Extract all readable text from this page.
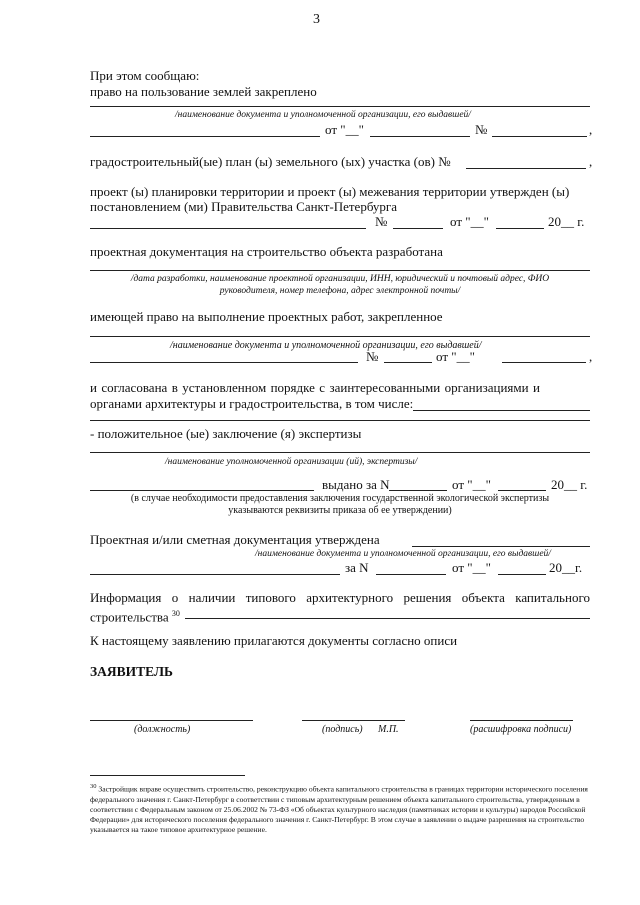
3
При этом сообщаю:
право на пользование землей закреплено
/наименование документа и уполномоченной организации, его выдавшей/
от "__"	№	,
градостроительный(ые) план (ы) земельного (ых) участка (ов) №	,
проект (ы) планировки территории и проект (ы) межевания территории утвержден (ы)
постановлением (ми) Правительства Санкт-Петербурга
№	от "__"	20__ г.
проектная документация на строительство объекта разработана
/дата разработки, наименование проектной организации, ИНН, юридический и почтовый адрес, ФИО
руководителя, номер телефона, адрес электронной почты/
имеющей право на выполнение проектных работ, закрепленное
/наименование документа и уполномоченной организации, его выдавшей/
№	от "__"	,
и согласована в установленном порядке с заинтересованными организациями и
органами архитектуры и градостроительства, в том числе:
- положительное (ые) заключение (я) экспертизы
/наименование уполномоченной организации (ий), экспертизы/
выдано за N	от "__"	20__ г.
(в случае необходимости предоставления заключения государственной экологической экспертизы
указываются реквизиты приказа об ее утверждении)
Проектная и/или сметная документация утверждена
/наименование документа и уполномоченной организации, его выдавшей/
за N	от "__"	20__г.
Информация о наличии типового архитектурного решения объекта капитального
строительства $^{30}$
К настоящему заявлению прилагаются документы согласно описи
ЗАЯВИТЕЛЬ
(должность)	(подпись) М.П.	(расшифровка подписи)
$^{30}$ Застройщик вправе осуществить строительство, реконструкцию объекта капитального строительства в границах территории исторического поселения федерального значения г. Санкт-Петербург в соответствии с типовым архитектурным решением объекта капитального строительства, утвержденным в соответствии с Федеральным законом от 25.06.2002 № 73-ФЗ «Об объектах культурного наследия (памятниках истории и культуры) народов Российской Федерации» для исторического поселения федерального значения г. Санкт-Петербург. В этом случае в заявлении о выдаче разрешения на строительство указывается на такое типовое архитектурное решение.
